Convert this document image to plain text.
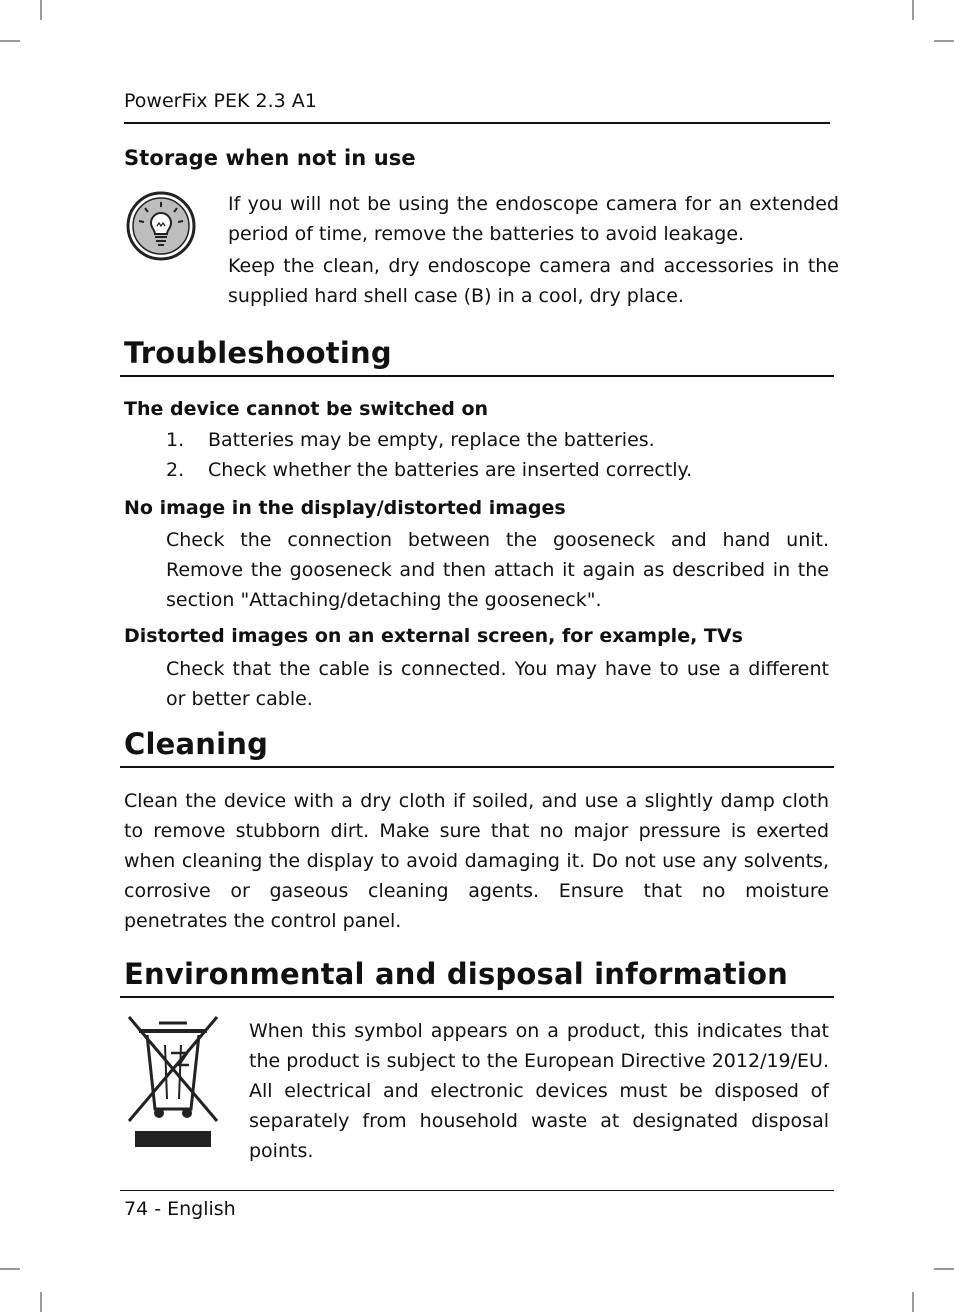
PowerFix PEK 2.3 A1
Storage when not in use

If you will not be using the endoscope camera for an extended period of time, remove the batteries to avoid leakage.

Keep the clean, dry endoscope camera and accessories in the supplied hard shell case (B) in a cool, dry place.

Troubleshooting
The device cannot be switched on
1. Batteries may be empty, replace the batteries.
2. Check whether the batteries are inserted correctly.
No image in the display/distorted images
Check the connection between the gooseneck and hand unit. Remove the gooseneck and then attach it again as described in the section "Attaching/detaching the gooseneck".
Distorted images on an external screen, for example, TVs
Check that the cable is connected. You may have to use a different or better cable.
Cleaning
Clean the device with a dry cloth if soiled, and use a slightly damp cloth to remove stubborn dirt. Make sure that no major pressure is exerted when cleaning the display to avoid damaging it. Do not use any solvents, corrosive or gaseous cleaning agents. Ensure that no moisture penetrates the control panel.
Environmental and disposal information
When this symbol appears on a product, this indicates that the product is subject to the European Directive 2012/19/EU. All electrical and electronic devices must be disposed of separately from household waste at designated disposal points.
74 - English
